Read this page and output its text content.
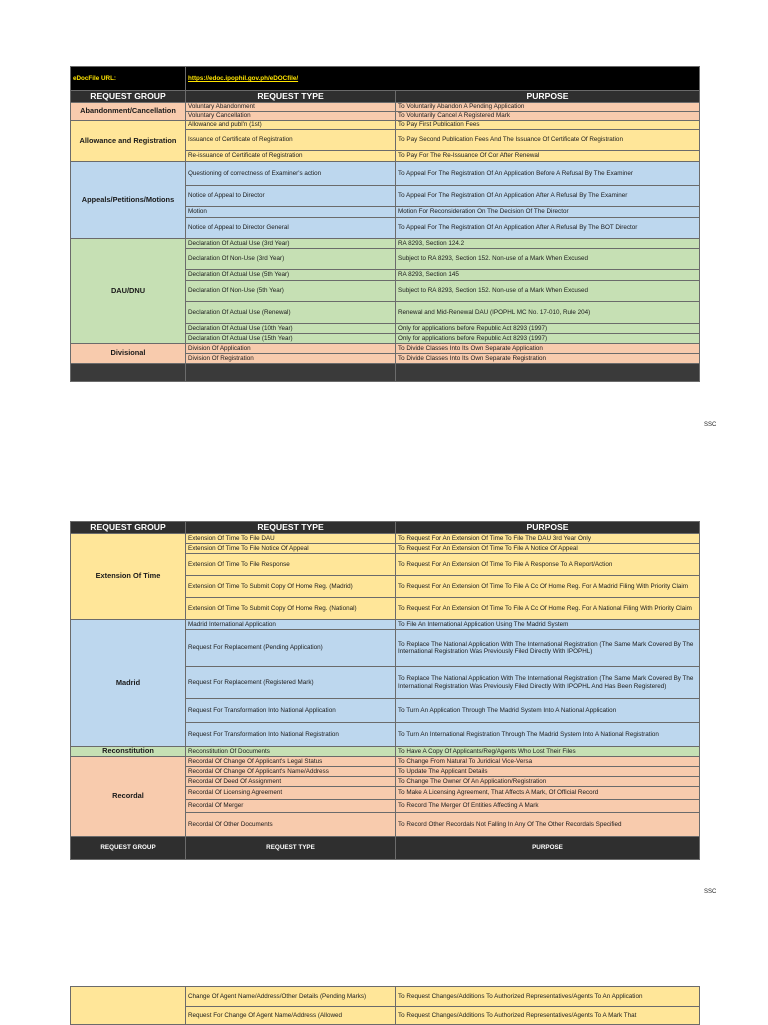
eDocFile URL:	https://edoc.ipophil.gov.ph/eDOCfile/	
REQUEST GROUP	REQUEST TYPE	PURPOSE
Abandonment/Cancellation	Voluntary Abandonment	To Voluntarily Abandon A Pending Application
	Voluntary Cancellation	To Voluntarily Cancel A Registered Mark
Allowance and Registration	Allowance and publ'n (1st)	To Pay First Publication Fees
	Issuance of Certificate of Registration	To Pay Second Publication Fees And The Issuance Of Certificate Of Registration
	Re-issuance of Certificate of Registration	To Pay For The Re-Issuance Of Cor After Renewal
Appeals/Petitions/Motions	Questioning of correctness of Examiner's action	To Appeal For The Registration Of An Application Before A Refusal By The Examiner
	Notice of Appeal to Director	To Appeal For The Registration Of An Application After A Refusal By The Examiner
	Motion	Motion For Reconsideration On The Decision Of The Director
	Notice of Appeal to Director General	To Appeal For The Registration Of An Application After A Refusal By The BOT Director
DAU/DNU	Declaration Of Actual Use (3rd Year)	RA 8293, Section 124.2
	Declaration Of Non-Use (3rd Year)	Subject to RA 8293, Section 152. Non-use of a Mark When Excused
	Declaration Of Actual Use (5th Year)	RA 8293, Section 145
	Declaration Of Non-Use (5th Year)	Subject to RA 8293, Section 152. Non-use of a Mark When Excused
	Declaration Of Actual Use (Renewal)	Renewal and Mid-Renewal DAU (IPOPHL MC No. 17-010, Rule 204)
	Declaration Of Actual Use (10th Year)	Only for applications before Republic Act 8293 (1997)
	Declaration Of Actual Use (15th Year)	Only for applications before Republic Act 8293 (1997)
Divisional	Division Of Application	To Divide Classes Into Its Own Separate Application
	Division Of Registration	To Divide Classes Into Its Own Separate Registration

SSC
REQUEST GROUP	REQUEST TYPE	PURPOSE
Extension Of Time	Extension Of Time To File DAU	To Request For An Extension Of Time To File The DAU 3rd Year Only
	Extension Of Time To File Notice Of Appeal	To Request For An Extension Of Time To File A Notice Of Appeal
	Extension Of Time To File Response	To Request For An Extension Of Time To File A Response To A Report/Action
	Extension Of Time To Submit Copy Of Home Reg. (Madrid)	To Request For An Extension Of Time To File A Cc Of Home Reg. For A Madrid Filing With Priority Claim
	Extension Of Time To Submit Copy Of Home Reg. (National)	To Request For An Extension Of Time To File A Cc Of Home Reg. For A National Filing With Priority Claim
Madrid	Madrid International Application	To File An International Application Using The Madrid System
	Request For Replacement (Pending Application)	To Replace The National Application With The International Registration (The Same Mark Covered By The International Registration Was Previously Filed Directly With IPOPHL)
	Request For Replacement (Registered Mark)	To Replace The National Application With The International Registration (The Same Mark Covered By The International Registration Was Previously Filed Directly With IPOPHL And Has Been Registered)
	Request For Transformation Into National Application	To Turn An Application Through The Madrid System Into A National Application
	Request For Transformation Into National Registration	To Turn An International Registration Through The Madrid System Into A National Registration
Reconstitution	Reconstitution Of Documents	To Have A Copy Of Applicants/Reg/Agents Who Lost Their Files
Recordal	Recordal Of Change Of Applicant's Legal Status	To Change From Natural To Juridical Vice-Versa
	Recordal Of Change Of Applicant's Name/Address	To Update The Applicant Details
	Recordal Of Deed Of Assignment	To Change The Owner Of An Application/Registration
	Recordal Of Licensing Agreement	To Make A Licensing Agreement, That Affects A Mark, Of Official Record
	Recordal Of Merger	To Record The Merger Of Entities Affecting A Mark
	Recordal Of Other Documents	To Record Other Recordals Not Falling In Any Of The Other Recordals Specified
REQUEST GROUP	REQUEST TYPE	PURPOSE
SSC
	Change Of Agent Name/Address/Other Details (Pending Marks)	To Request Changes/Additions To Authorized Representatives/Agents To An Application
	Request For Change Of Agent Name/Address (Allowed	To Request Changes/Additions To Authorized Representatives/Agents To A Mark That
